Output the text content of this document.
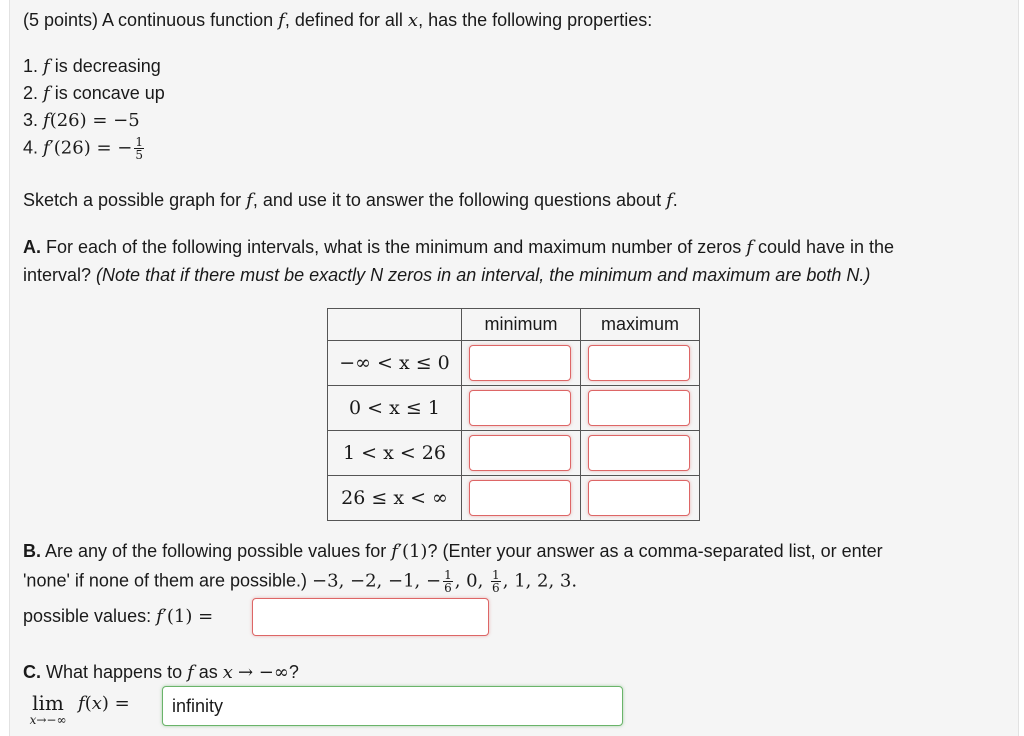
(5 points) A continuous function f, defined for all x, has the following properties:
1. f is decreasing
2. f is concave up
3. f(26) = −5
4. f′(26) = − $\frac{1}{5}$
Sketch a possible graph for f, and use it to answer the following questions about f.
A. For each of the following intervals, what is the minimum and maximum number of zeros f could have in the
interval? (Note that if there must be exactly N zeros in an interval, the minimum and maximum are both N.)
	minimum	maximum
−∞ < x ≤ 0	

0 < x ≤ 1	

1 < x < 26	

26 ≤ x < ∞	

B. Are any of the following possible values for f′(1)? (Enter your answer as a comma-separated list, or enter
'none' if none of them are possible.) −3, −2, −1, − $\frac{1}{6}$ , 0, $\frac{1}{6}$ , 1, 2, 3.
possible values: f′(1) =
C. What happens to f as x → −∞?
lim
x→−∞
f(x) =	infinity
